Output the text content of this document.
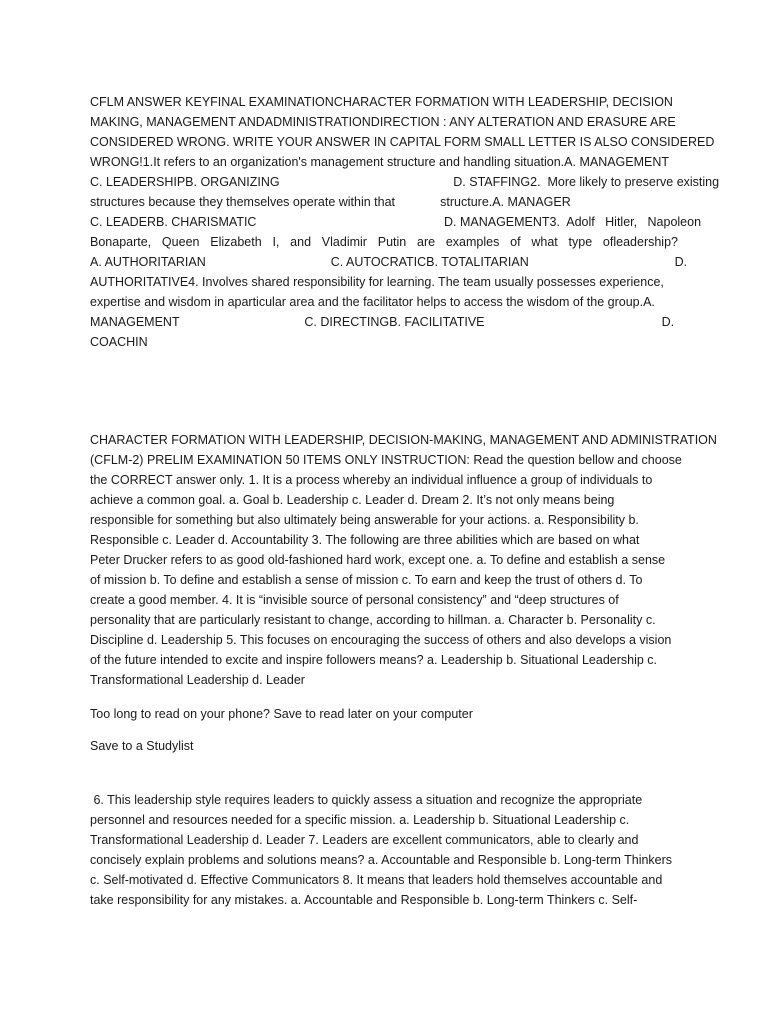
CFLM ANSWER KEYFINAL EXAMINATIONCHARACTER FORMATION WITH LEADERSHIP, DECISION
MAKING, MANAGEMENT ANDADMINISTRATIONDIRECTION : ANY ALTERATION AND ERASURE ARE
CONSIDERED WRONG. WRITE YOUR ANSWER IN CAPITAL FORM SMALL LETTER IS ALSO CONSIDERED
WRONG!1.It refers to an organization's management structure and handling situation.A. MANAGEMENT
C. LEADERSHIPB. ORGANIZING                                                  D. STAFFING2.  More likely to preserve existing
structures because they themselves operate within that             structure.A. MANAGER
C. LEADERB. CHARISMATIC                                                      D. MANAGEMENT3.  Adolf   Hitler,   Napoleon
Bonaparte, Queen Elizabeth I, and Vladimir Putin are examples of what type ofleadership?
A. AUTHORITARIAN                                    C. AUTOCRATICB. TOTALITARIAN                                          D.
AUTHORITATIVE4. Involves shared responsibility for learning. The team usually possesses experience,
expertise and wisdom in aparticular area and the facilitator helps to access the wisdom of the group.A.
MANAGEMENT                                    C. DIRECTINGB. FACILITATIVE                                                   D.
COACHIN
CHARACTER FORMATION WITH LEADERSHIP, DECISION-MAKING, MANAGEMENT AND ADMINISTRATION
(CFLM-2) PRELIM EXAMINATION 50 ITEMS ONLY INSTRUCTION: Read the question bellow and choose
the CORRECT answer only. 1. It is a process whereby an individual influence a group of individuals to
achieve a common goal. a. Goal b. Leadership c. Leader d. Dream 2. It’s not only means being
responsible for something but also ultimately being answerable for your actions. a. Responsibility b.
Responsible c. Leader d. Accountability 3. The following are three abilities which are based on what
Peter Drucker refers to as good old-fashioned hard work, except one. a. To define and establish a sense
of mission b. To define and establish a sense of mission c. To earn and keep the trust of others d. To
create a good member. 4. It is “invisible source of personal consistency” and “deep structures of
personality that are particularly resistant to change, according to hillman. a. Character b. Personality c.
Discipline d. Leadership 5. This focuses on encouraging the success of others and also develops a vision
of the future intended to excite and inspire followers means? a. Leadership b. Situational Leadership c.
Transformational Leadership d. Leader
Too long to read on your phone? Save to read later on your computer
Save to a Studylist
6. This leadership style requires leaders to quickly assess a situation and recognize the appropriate
personnel and resources needed for a specific mission. a. Leadership b. Situational Leadership c.
Transformational Leadership d. Leader 7. Leaders are excellent communicators, able to clearly and
concisely explain problems and solutions means? a. Accountable and Responsible b. Long-term Thinkers
c. Self-motivated d. Effective Communicators 8. It means that leaders hold themselves accountable and
take responsibility for any mistakes. a. Accountable and Responsible b. Long-term Thinkers c. Self-
